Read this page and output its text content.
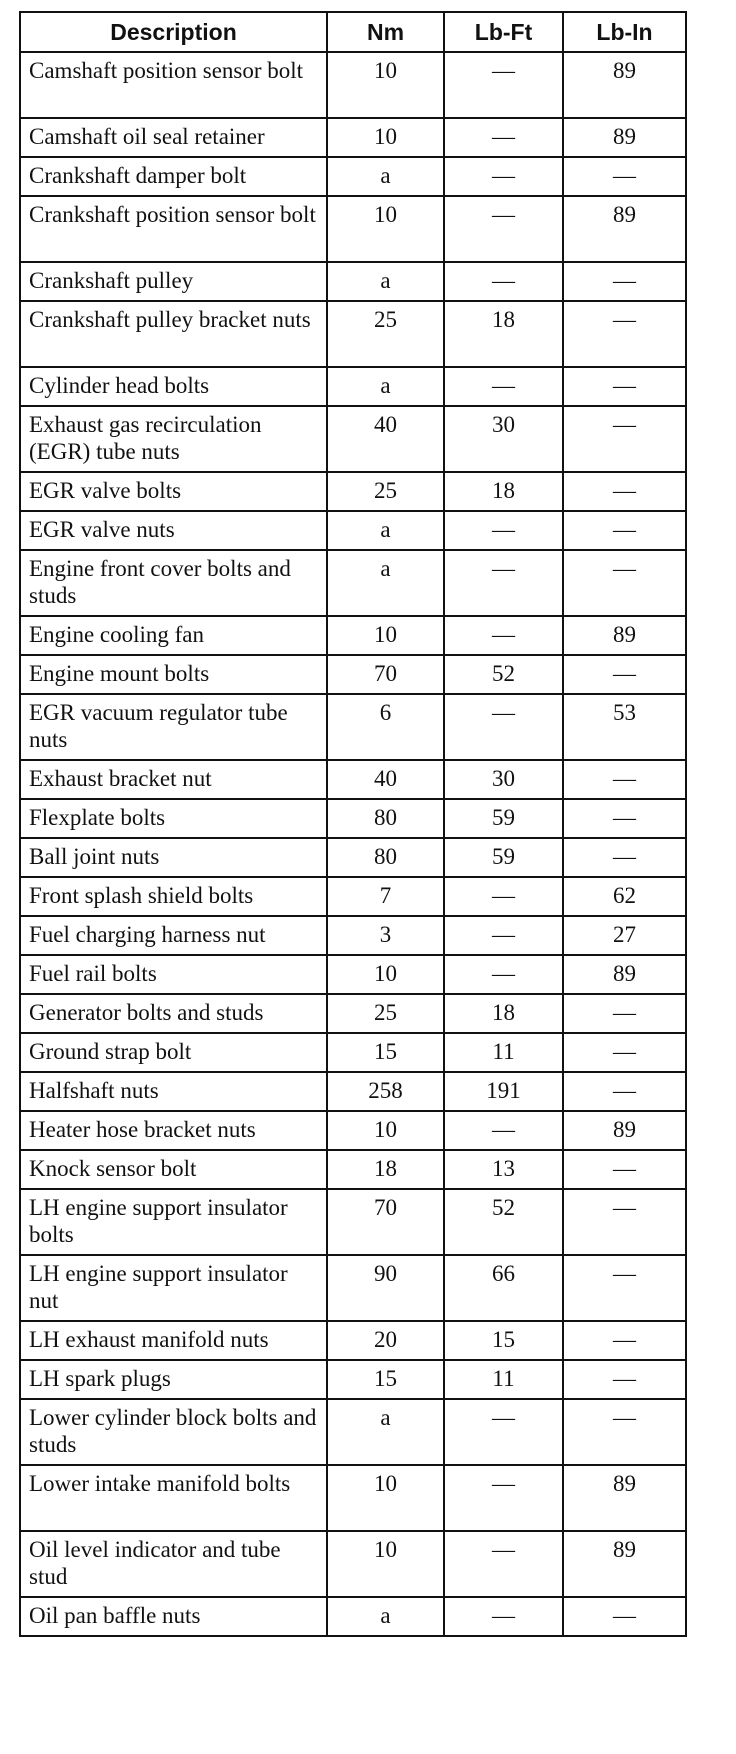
Description	Nm	Lb-Ft	Lb-In
Camshaft position sensor bolt	10	—	89
Camshaft oil seal retainer	10	—	89
Crankshaft damper bolt	a	—	—
Crankshaft position sensor bolt	10	—	89
Crankshaft pulley	a	—	—
Crankshaft pulley bracket nuts	25	18	—
Cylinder head bolts	a	—	—
Exhaust gas recirculation (EGR) tube nuts	40	30	—
EGR valve bolts	25	18	—
EGR valve nuts	a	—	—
Engine front cover bolts and studs	a	—	—
Engine cooling fan	10	—	89
Engine mount bolts	70	52	—
EGR vacuum regulator tube nuts	6	—	53
Exhaust bracket nut	40	30	—
Flexplate bolts	80	59	—
Ball joint nuts	80	59	—
Front splash shield bolts	7	—	62
Fuel charging harness nut	3	—	27
Fuel rail bolts	10	—	89
Generator bolts and studs	25	18	—
Ground strap bolt	15	11	—
Halfshaft nuts	258	191	—
Heater hose bracket nuts	10	—	89
Knock sensor bolt	18	13	—
LH engine support insulator bolts	70	52	—
LH engine support insulator nut	90	66	—
LH exhaust manifold nuts	20	15	—
LH spark plugs	15	11	—
Lower cylinder block bolts and studs	a	—	—
Lower intake manifold bolts	10	—	89
Oil level indicator and tube stud	10	—	89
Oil pan baffle nuts	a	—	—
